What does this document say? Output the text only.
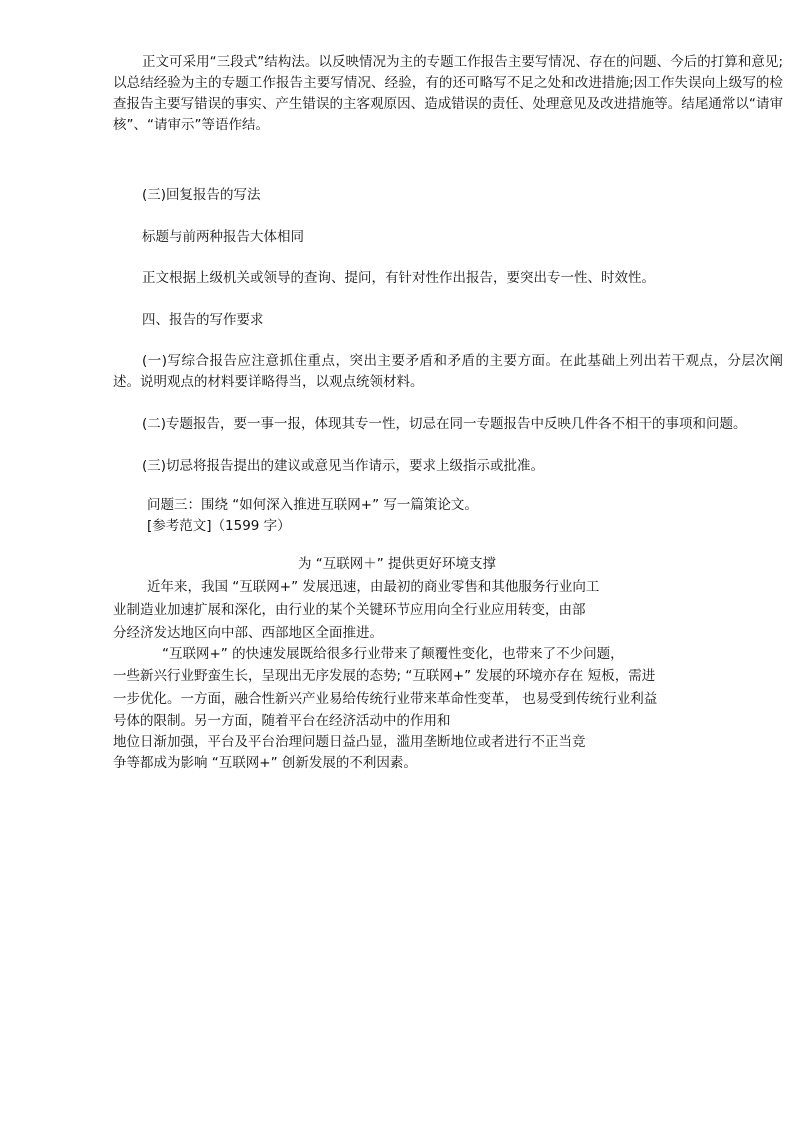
正文可采用“三段式”结构法。以反映情况为主的专题工作报告主要写情况、存在的问题、今后的打算和意见;以总结经验为主的专题工作报告主要写情况、经验，有的还可略写不足之处和改进措施;因工作失误向上级写的检查报告主要写错误的事实、产生错误的主客观原因、造成错误的责任、处理意见及改进措施等。结尾通常以“请审核”、“请审示”等语作结。

(三)回复报告的写法

标题与前两种报告大体相同

正文根据上级机关或领导的查询、提问，有针对性作出报告，要突出专一性、时效性。

四、报告的写作要求

(一)写综合报告应注意抓住重点，突出主要矛盾和矛盾的主要方面。在此基础上列出若干观点，分层次阐述。说明观点的材料要详略得当，以观点统领材料。

(二)专题报告，要一事一报，体现其专一性，切忌在同一专题报告中反映几件各不相干的事项和问题。

(三)切忌将报告提出的建议或意见当作请示，要求上级指示或批准。

问题三：围绕 “如何深入推进互联网+” 写一篇策论文。

[参考范文]（1599 字）

为 “互联网＋” 提供更好环境支撑

近年来，我国 “互联网+” 发展迅速，由最初的商业零售和其他服务行业向工

业制造业加速扩展和深化，由行业的某个关键环节应用向全行业应用转变，由部

分经济发达地区向中部、西部地区全面推进。

“互联网+” 的快速发展既给很多行业带来了颠覆性变化，也带来了不少问题，

一些新兴行业野蛮生长，呈现出无序发展的态势; “互联网+” 发展的环境亦存在 短板，需进

一步优化。一方面，融合性新兴产业易给传统行业带来革命性变革， 也易受到传统行业利益

号体的限制。另一方面，随着平台在经济活动中的作用和

地位日渐加强，平台及平台治理问题日益凸显，滥用垄断地位或者进行不正当竞

争等都成为影响 “互联网+” 创新发展的不利因素。
